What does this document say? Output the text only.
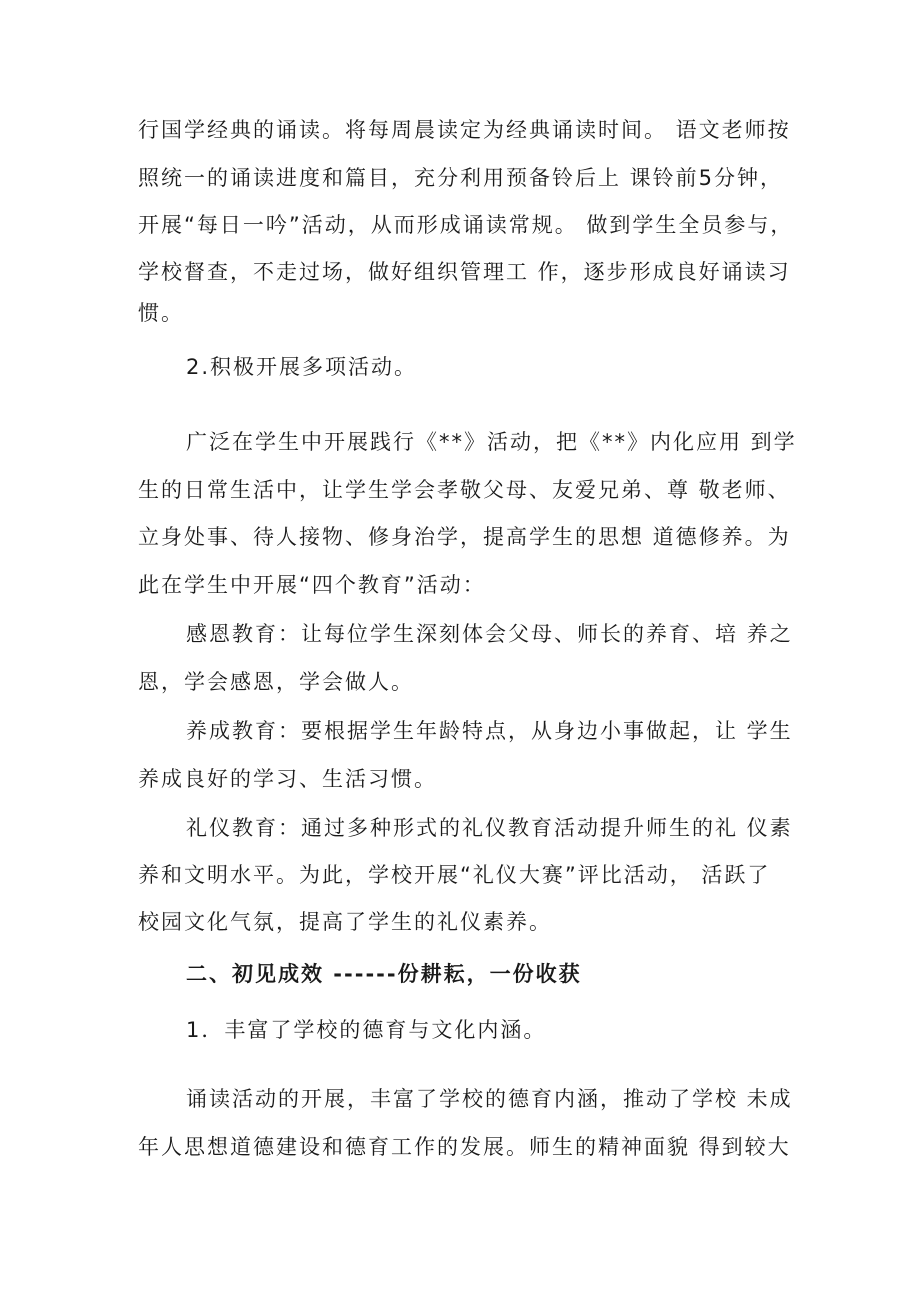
行国学经典的诵读。将每周晨读定为经典诵读时间。 语文老师按
照统一的诵读进度和篇目，充分利用预备铃后上 课铃前5分钟，
开展“每日一吟”活动，从而形成诵读常规。 做到学生全员参与，
学校督查，不走过场，做好组织管理工 作，逐步形成良好诵读习
惯。
2.积极开展多项活动。
广泛在学生中开展践行《**》活动，把《**》内化应用 到学
生的日常生活中，让学生学会孝敬父母、友爱兄弟、尊 敬老师、
立身处事、待人接物、修身治学，提高学生的思想 道德修养。为
此在学生中开展“四个教育”活动：
感恩教育：让每位学生深刻体会父母、师长的养育、培 养之
恩，学会感恩，学会做人。
养成教育：要根据学生年龄特点，从身边小事做起，让 学生
养成良好的学习、生活习惯。
礼仪教育：通过多种形式的礼仪教育活动提升师生的礼 仪素
养和文明水平。为此，学校开展“礼仪大赛”评比活动， 活跃了
校园文化气氛，提高了学生的礼仪素养。
二、初见成效 ------份耕耘，一份收获
1．丰富了学校的德育与文化内涵。
诵读活动的开展，丰富了学校的德育内涵，推动了学校 未成
年人思想道德建设和德育工作的发展。师生的精神面貌 得到较大
